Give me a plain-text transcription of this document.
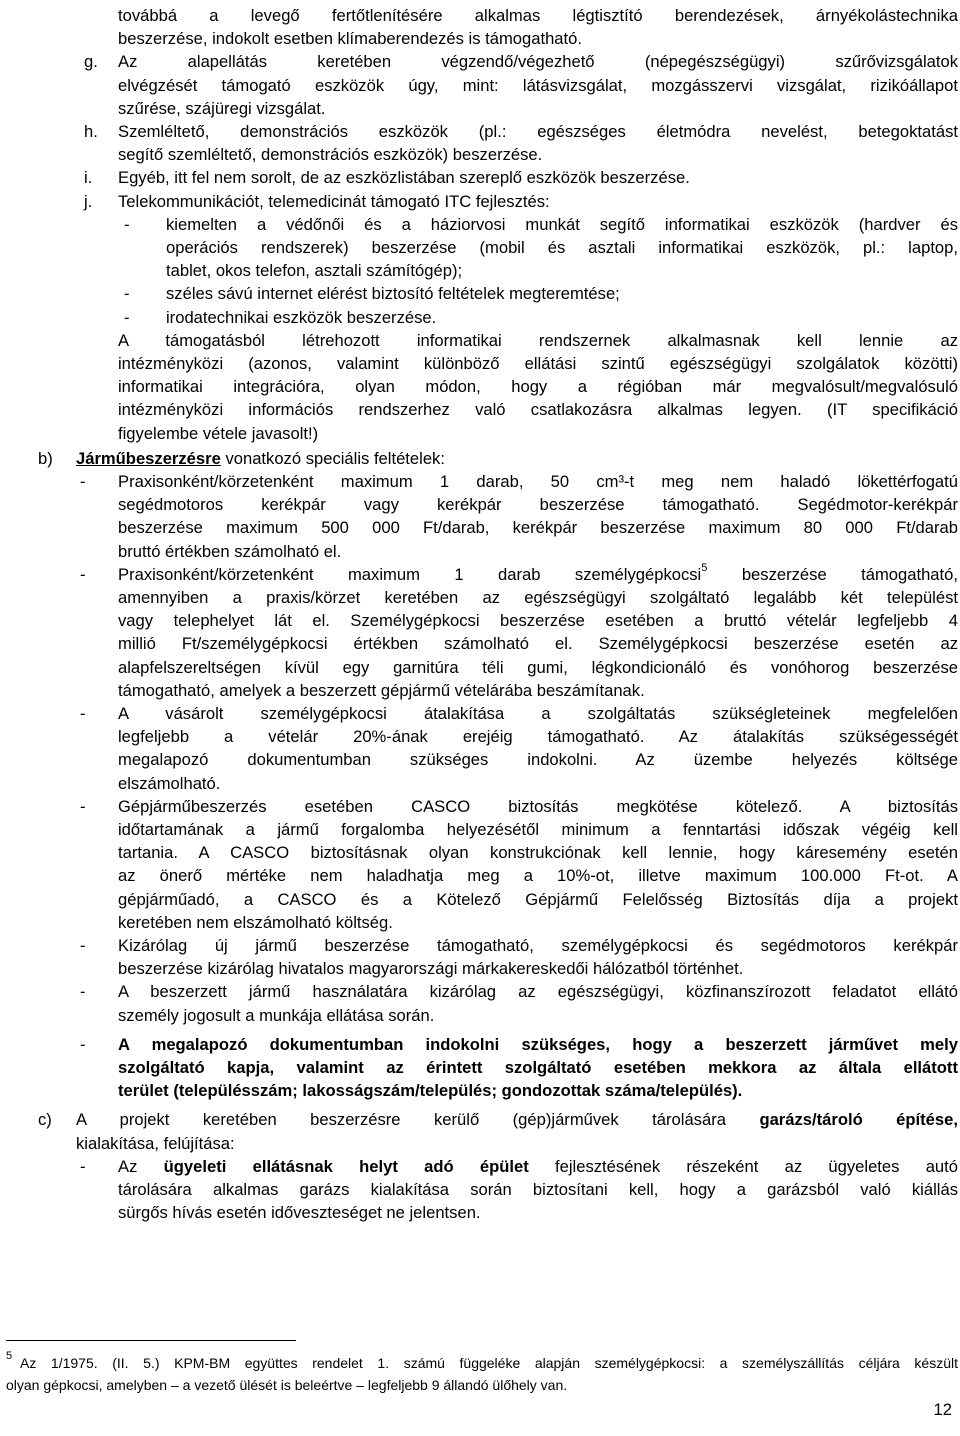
továbbá a levegő fertőtlenítésére alkalmas légtisztító berendezések, árnyékolástechnika
beszerzése, indokolt esetben klímaberendezés is támogatható.
g. Az alapellátás keretében végzendő/végezhető (népegészségügyi) szűrővizsgálatok
elvégzését támogató eszközök úgy, mint: látásvizsgálat, mozgásszervi vizsgálat, rizikóállapot
szűrése, szájüregi vizsgálat.
h. Szemléltető, demonstrációs eszközök (pl.: egészséges életmódra nevelést, betegoktatást
segítő szemléltető, demonstrációs eszközök) beszerzése.
i. Egyéb, itt fel nem sorolt, de az eszközlistában szereplő eszközök beszerzése.
j. Telekommunikációt, telemedicinát támogató ITC fejlesztés:
- kiemelten a védőnői és a háziorvosi munkát segítő informatikai eszközök (hardver és
operációs rendszerek) beszerzése (mobil és asztali informatikai eszközök, pl.: laptop,
tablet, okos telefon, asztali számítógép);
- széles sávú internet elérést biztosító feltételek megteremtése;
- irodatechnikai eszközök beszerzése.
A támogatásból létrehozott informatikai rendszernek alkalmasnak kell lennie az
intézményközi (azonos, valamint különböző ellátási szintű egészségügyi szolgálatok közötti)
informatikai integrációra, olyan módon, hogy a régióban már megvalósult/megvalósuló
intézményközi információs rendszerhez való csatlakozásra alkalmas legyen. (IT specifikáció
figyelembe vétele javasolt!)
b) Járműbeszerzésre vonatkozó speciális feltételek:
- Praxisonként/körzetenként maximum 1 darab, 50 cm³-t meg nem haladó lökettérfogatú
segédmotoros kerékpár vagy kerékpár beszerzése támogatható. Segédmotor-kerékpár
beszerzése maximum 500 000 Ft/darab, kerékpár beszerzése maximum 80 000 Ft/darab
bruttó értékben számolható el.
- Praxisonként/körzetenként maximum 1 darab személygépkocsi$^5$ beszerzése támogatható,
amennyiben a praxis/körzet keretében az egészségügyi szolgáltató legalább két települést
vagy telephelyet lát el. Személygépkocsi beszerzése esetében a bruttó vételár legfeljebb 4
millió Ft/személygépkocsi értékben számolható el. Személygépkocsi beszerzése esetén az
alapfelszereltségen kívül egy garnitúra téli gumi, légkondicionáló és vonóhorog beszerzése
támogatható, amelyek a beszerzett gépjármű vételárába beszámítanak.
- A vásárolt személygépkocsi átalakítása a szolgáltatás szükségleteinek megfelelően
legfeljebb a vételár 20%-ának erejéig támogatható. Az átalakítás szükségességét
megalapozó dokumentumban szükséges indokolni. Az üzembe helyezés költsége
elszámolható.
- Gépjárműbeszerzés esetében CASCO biztosítás megkötése kötelező. A biztosítás
időtartamának a jármű forgalomba helyezésétől minimum a fenntartási időszak végéig kell
tartania. A CASCO biztosításnak olyan konstrukciónak kell lennie, hogy káresemény esetén
az önerő mértéke nem haladhatja meg a 10%-ot, illetve maximum 100.000 Ft-ot. A
gépjárműadó, a CASCO és a Kötelező Gépjármű Felelősség Biztosítás díja a projekt
keretében nem elszámolható költség.
- Kizárólag új jármű beszerzése támogatható, személygépkocsi és segédmotoros kerékpár
beszerzése kizárólag hivatalos magyarországi márkakereskedői hálózatból történhet.
- A beszerzett jármű használatára kizárólag az egészségügyi, közfinanszírozott feladatot ellátó
személy jogosult a munkája ellátása során.
- A megalapozó dokumentumban indokolni szükséges, hogy a beszerzett járművet mely
szolgáltató kapja, valamint az érintett szolgáltató esetében mekkora az általa ellátott
terület (településszám; lakosságszám/település; gondozottak száma/település).
c) A projekt keretében beszerzésre kerülő (gép)járművek tárolására garázs/tároló építése,
kialakítása, felújítása:
- Az ügyeleti ellátásnak helyt adó épület fejlesztésének részeként az ügyeletes autó
tárolására alkalmas garázs kialakítása során biztosítani kell, hogy a garázsból való kiállás
sürgős hívás esetén időveszteséget ne jelentsen.
5 Az 1/1975. (II. 5.) KPM-BM együttes rendelet 1. számú függeléke alapján személygépkocsi: a személyszállítás céljára készült
olyan gépkocsi, amelyben – a vezető ülését is beleértve – legfeljebb 9 állandó ülőhely van.
12
